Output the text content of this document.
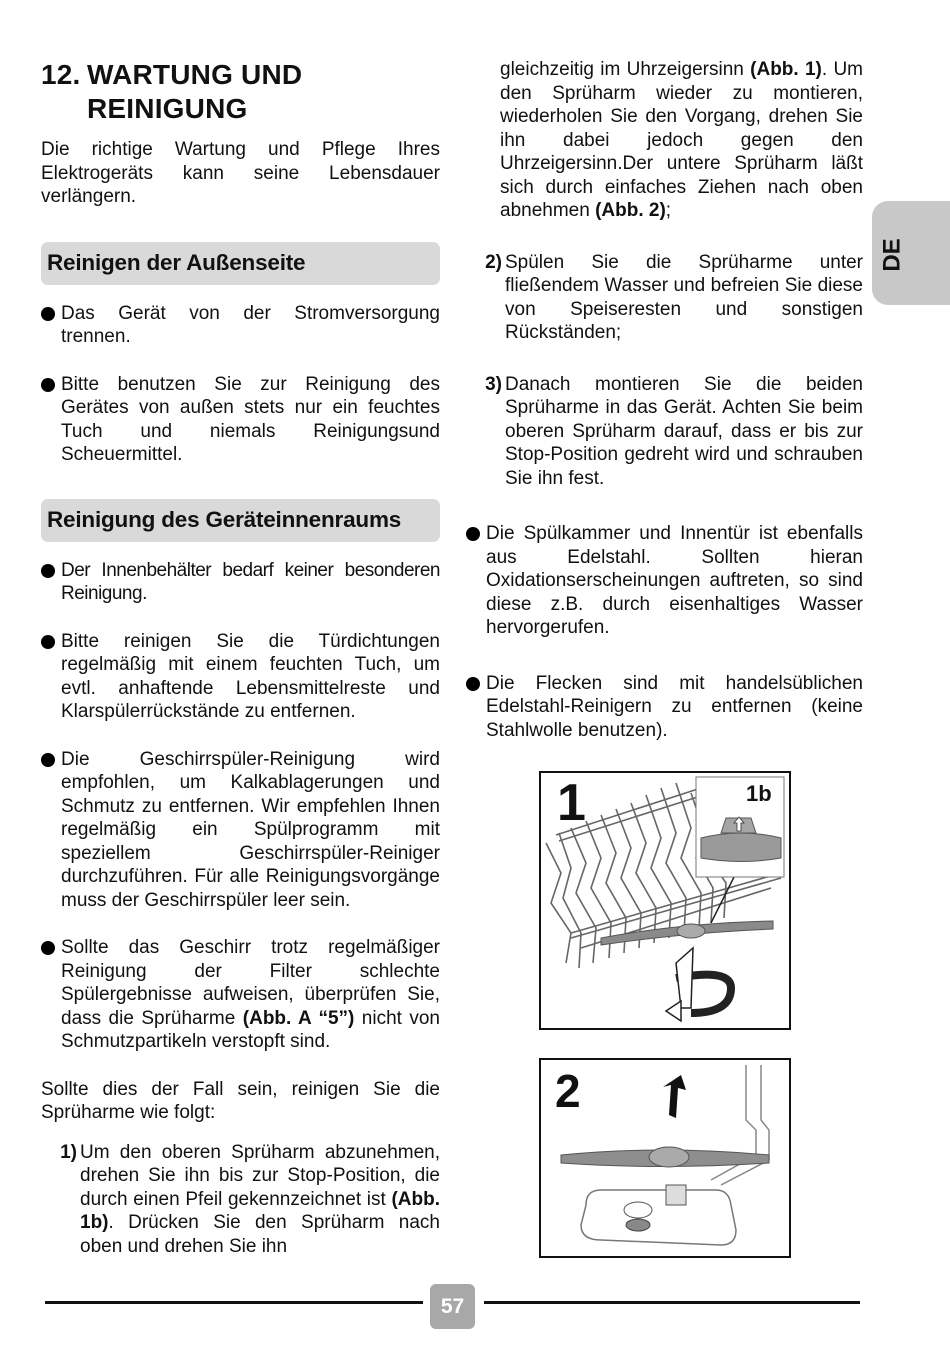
12. WARTUNG UND
REINIGUNG

Die richtige Wartung und Pflege Ihres Elektrogeräts kann seine Lebensdauer verlängern.

Reinigen der Außenseite

Das Gerät von der Stromversorgung trennen.

Bitte benutzen Sie zur Reinigung des Gerätes von außen stets nur ein feuchtes Tuch und niemals Reinigungsund Scheuermittel.

Reinigung des Geräteinnenraums

Der Innenbehälter bedarf keiner besonderen Reinigung.

Bitte reinigen Sie die Türdichtungen regelmäßig mit einem feuchten Tuch, um evtl. anhaftende Lebensmittelreste und Klarspülerrückstände zu entfernen.

Die Geschirrspüler-Reinigung wird empfohlen, um Kalkablagerungen und Schmutz zu entfernen. Wir empfehlen Ihnen regelmäßig ein Spülprogramm mit speziellem Geschirrspüler-Reiniger durchzuführen. Für alle Reinigungsvorgänge muss der Geschirrspüler leer sein.

Sollte das Geschirr trotz regelmäßiger Reinigung der Filter schlechte Spülergebnisse aufweisen, überprüfen Sie, dass die Sprüharme (Abb. A “5”) nicht von Schmutzpartikeln verstopft sind.

Sollte dies der Fall sein, reinigen Sie die Sprüharme wie folgt:

1) Um den oberen Sprüharm abzunehmen, drehen Sie ihn bis zur Stop-Position, die durch einen Pfeil gekennzeichnet ist (Abb. 1b). Drücken Sie den Sprüharm nach oben und drehen Sie ihn

gleichzeitig im Uhrzeigersinn (Abb. 1). Um den Sprüharm wieder zu montieren, wiederholen Sie den Vorgang, drehen Sie ihn dabei jedoch gegen den Uhrzeigersinn.Der untere Sprüharm läßt sich durch einfaches Ziehen nach oben abnehmen (Abb. 2);

2) Spülen Sie die Sprüharme unter fließendem Wasser und befreien Sie diese von Speiseresten und sonstigen Rückständen;

3) Danach montieren Sie die beiden Sprüharme in das Gerät. Achten Sie beim oberen Sprüharm darauf, dass er bis zur Stop-Position gedreht wird und schrauben Sie ihn fest.

Die Spülkammer und Innentür ist ebenfalls aus Edelstahl. Sollten hieran Oxidationserscheinungen auftreten, so sind diese z.B. durch eisenhaltiges Wasser hervorgerufen.

Die Flecken sind mit handelsüblichen Edelstahl-Reinigern zu entfernen (keine Stahlwolle benutzen).

1	1b
2
DE
57
